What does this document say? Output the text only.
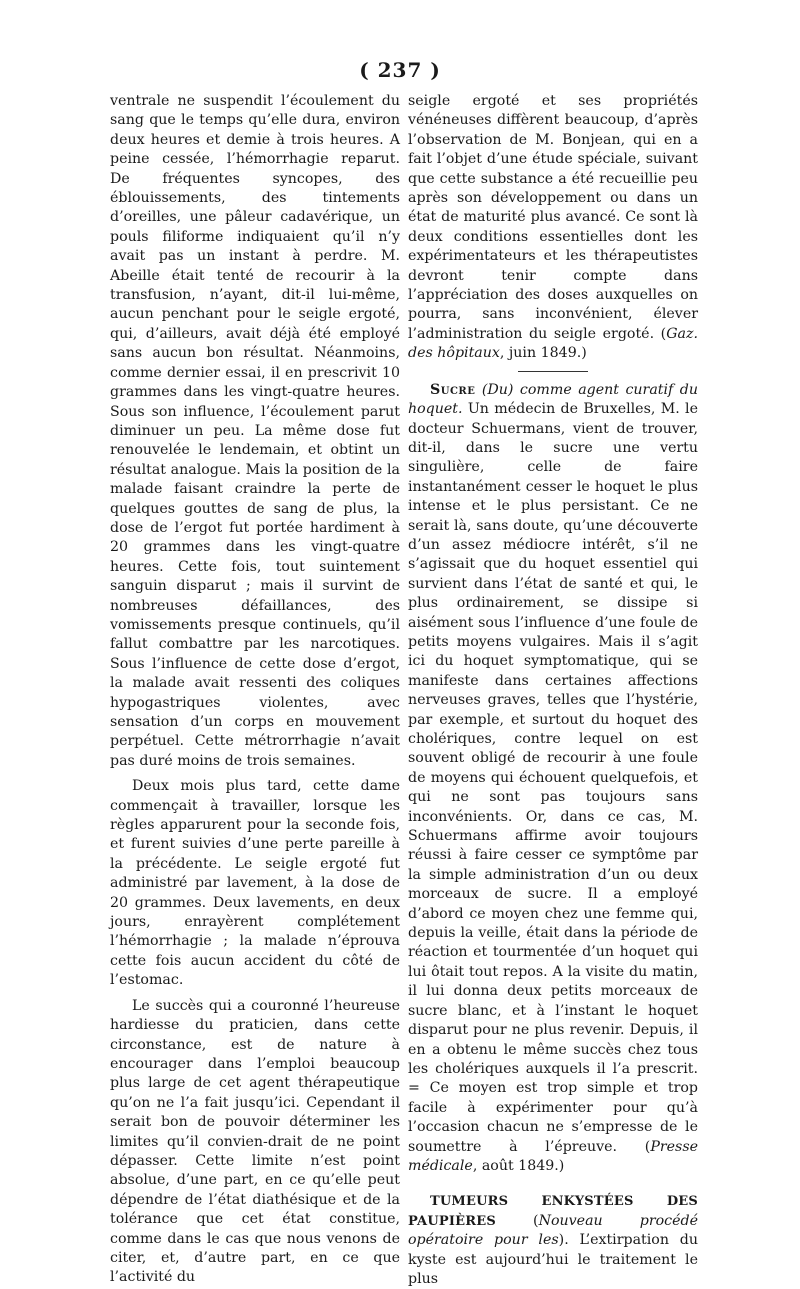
( 237 )

ventrale ne suspendit l’écoulement du sang que le temps qu’elle dura, environ deux heures et demie à trois heures. A peine cessée, l’hémorrhagie reparut. De fréquentes syncopes, des éblouissements, des tintements d’oreilles, une pâleur cadavérique, un pouls filiforme indiquaient qu’il n’y avait pas un instant à perdre. M. Abeille était tenté de recourir à la transfusion, n’ayant, dit-il lui-même, aucun penchant pour le seigle ergoté, qui, d’ailleurs, avait déjà été employé sans aucun bon résultat. Néanmoins, comme dernier essai, il en prescrivit 10 grammes dans les vingt-quatre heures. Sous son influence, l’écoulement parut diminuer un peu. La même dose fut renouvelée le lendemain, et obtint un résultat analogue. Mais la position de la malade faisant craindre la perte de quelques gouttes de sang de plus, la dose de l’ergot fut portée hardiment à 20 grammes dans les vingt-quatre heures. Cette fois, tout suintement sanguin disparut ; mais il survint de nombreuses défaillances, des vomissements presque continuels, qu’il fallut combattre par les narcotiques. Sous l’influence de cette dose d’ergot, la malade avait ressenti des coliques hypogastriques violentes, avec sensation d’un corps en mouvement perpétuel. Cette métrorrhagie n’avait pas duré moins de trois semaines.

Deux mois plus tard, cette dame commençait à travailler, lorsque les règles apparurent pour la seconde fois, et furent suivies d’une perte pareille à la précédente. Le seigle ergoté fut administré par lavement, à la dose de 20 grammes. Deux lavements, en deux jours, enrayèrent complétement l’hémorrhagie ; la malade n’éprouva cette fois aucun accident du côté de l’estomac.

Le succès qui a couronné l’heureuse hardiesse du praticien, dans cette circonstance, est de nature à encourager dans l’emploi beaucoup plus large de cet agent thérapeutique qu’on ne l’a fait jusqu’ici. Cependant il serait bon de pouvoir déterminer les limites qu’il convien-drait de ne point dépasser. Cette limite n’est point absolue, d’une part, en ce qu’elle peut dépendre de l’état diathésique et de la tolérance que cet état constitue, comme dans le cas que nous venons de citer, et, d’autre part, en ce que l’activité du

seigle ergoté et ses propriétés vénéneuses diffèrent beaucoup, d’après l’observation de M. Bonjean, qui en a fait l’objet d’une étude spéciale, suivant que cette substance a été recueillie peu après son développement ou dans un état de maturité plus avancé. Ce sont là deux conditions essentielles dont les expérimentateurs et les thérapeutistes devront tenir compte dans l’appréciation des doses auxquelles on pourra, sans inconvénient, élever l’administration du seigle ergoté. (Gaz. des hôpitaux, juin 1849.)

Sucre (Du) comme agent curatif du hoquet. Un médecin de Bruxelles, M. le docteur Schuermans, vient de trouver, dit-il, dans le sucre une vertu singulière, celle de faire instantanément cesser le hoquet le plus intense et le plus persistant. Ce ne serait là, sans doute, qu’une découverte d’un assez médiocre intérêt, s’il ne s’agissait que du hoquet essentiel qui survient dans l’état de santé et qui, le plus ordinairement, se dissipe si aisément sous l’influence d’une foule de petits moyens vulgaires. Mais il s’agit ici du hoquet symptomatique, qui se manifeste dans certaines affections nerveuses graves, telles que l’hystérie, par exemple, et surtout du hoquet des cholériques, contre lequel on est souvent obligé de recourir à une foule de moyens qui échouent quelquefois, et qui ne sont pas toujours sans inconvénients. Or, dans ce cas, M. Schuermans affirme avoir toujours réussi à faire cesser ce symptôme par la simple administration d’un ou deux morceaux de sucre. Il a employé d’abord ce moyen chez une femme qui, depuis la veille, était dans la période de réaction et tourmentée d’un hoquet qui lui ôtait tout repos. A la visite du matin, il lui donna deux petits morceaux de sucre blanc, et à l’instant le hoquet disparut pour ne plus revenir. Depuis, il en a obtenu le même succès chez tous les cholériques auxquels il l’a prescrit. = Ce moyen est trop simple et trop facile à expérimenter pour qu’à l’occasion chacun ne s’empresse de le soumettre à l’épreuve. (Presse médicale, août 1849.)

TUMEURS ENKYSTÉES DES PAUPIÈRES (Nouveau procédé opératoire pour les). L’extirpation du kyste est aujourd’hui le traitement le plus
